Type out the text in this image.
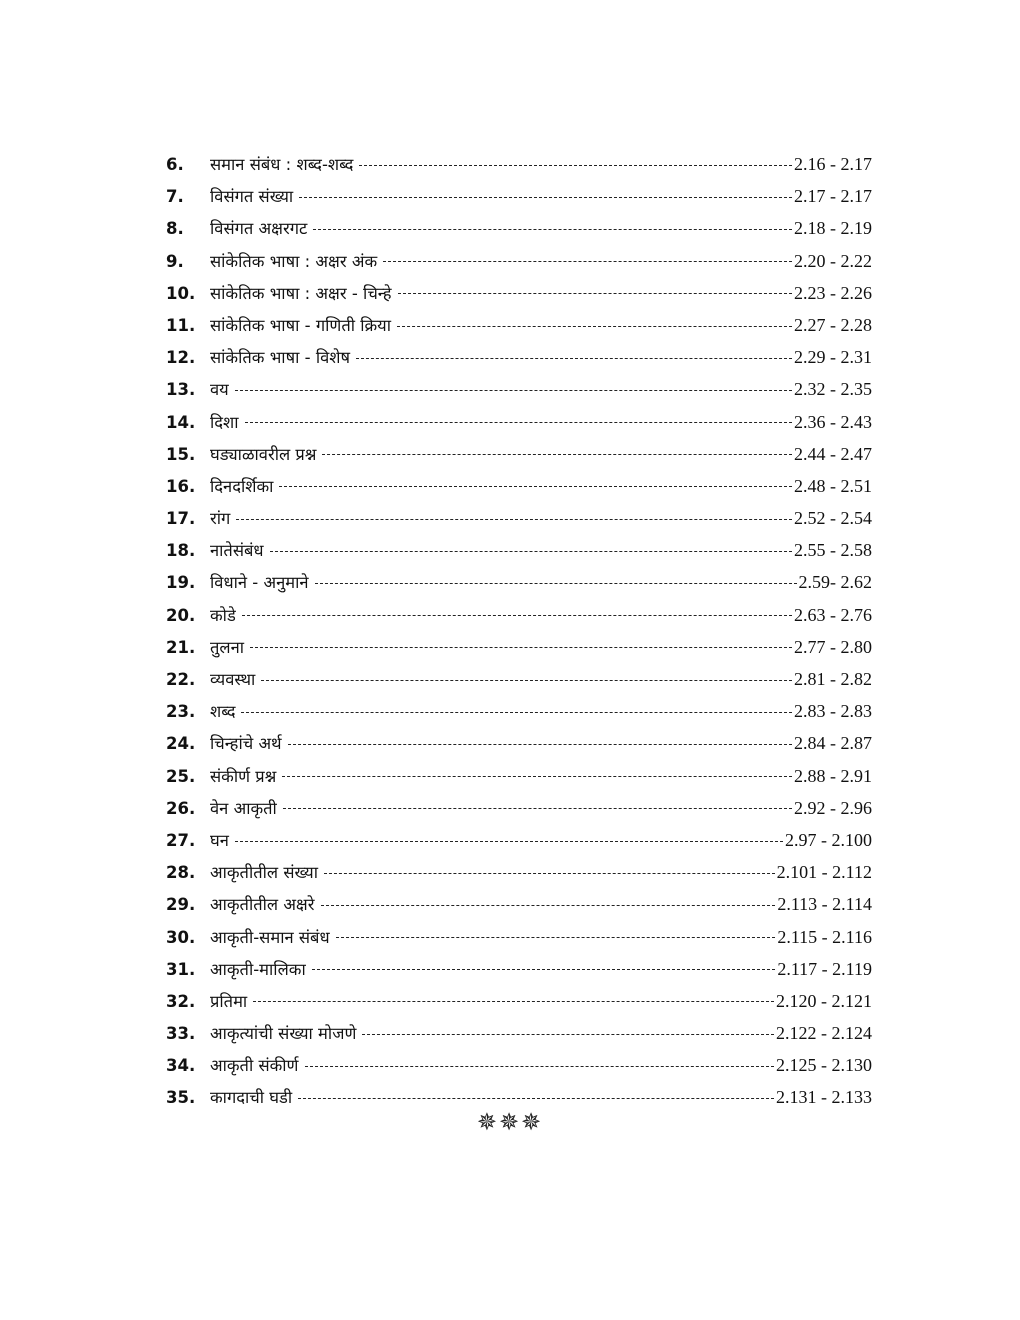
6.	समान संबंध : शब्द-शब्द	2.16 - 2.17
7.	विसंगत संख्या	2.17 - 2.17
8.	विसंगत अक्षरगट	2.18 - 2.19
9.	सांकेतिक भाषा : अक्षर अंक	2.20 - 2.22
10. सांकेतिक भाषा : अक्षर - चिन्हे	2.23 - 2.26
11. सांकेतिक भाषा - गणिती क्रिया	2.27 - 2.28
12. सांकेतिक भाषा - विशेष	2.29 - 2.31
13. वय	2.32 - 2.35
14. दिशा	2.36 - 2.43
15. घड्याळावरील प्रश्न	2.44 - 2.47
16. दिनदर्शिका	2.48 - 2.51
17. रांग	2.52 - 2.54
18. नातेसंबंध	2.55 - 2.58
19. विधाने - अनुमाने	2.59- 2.62
20. कोडे	2.63 - 2.76
21. तुलना	2.77 - 2.80
22. व्यवस्था	2.81 - 2.82
23. शब्द	2.83 - 2.83
24. चिन्हांचे अर्थ	2.84 - 2.87
25. संकीर्ण प्रश्न	2.88 - 2.91
26. वेन आकृती	2.92 - 2.96
27. घन	2.97 - 2.100
28. आकृतीतील संख्या	2.101 - 2.112
29. आकृतीतील अक्षरे	2.113 - 2.114
30. आकृती-समान संबंध	2.115 - 2.116
31. आकृती-मालिका	2.117 - 2.119
32. प्रतिमा	2.120 - 2.121
33. आकृत्यांची संख्या मोजणे	2.122 - 2.124
34. आकृती संकीर्ण	2.125 - 2.130
35. कागदाची घडी	2.131 - 2.133
✵✵✵
